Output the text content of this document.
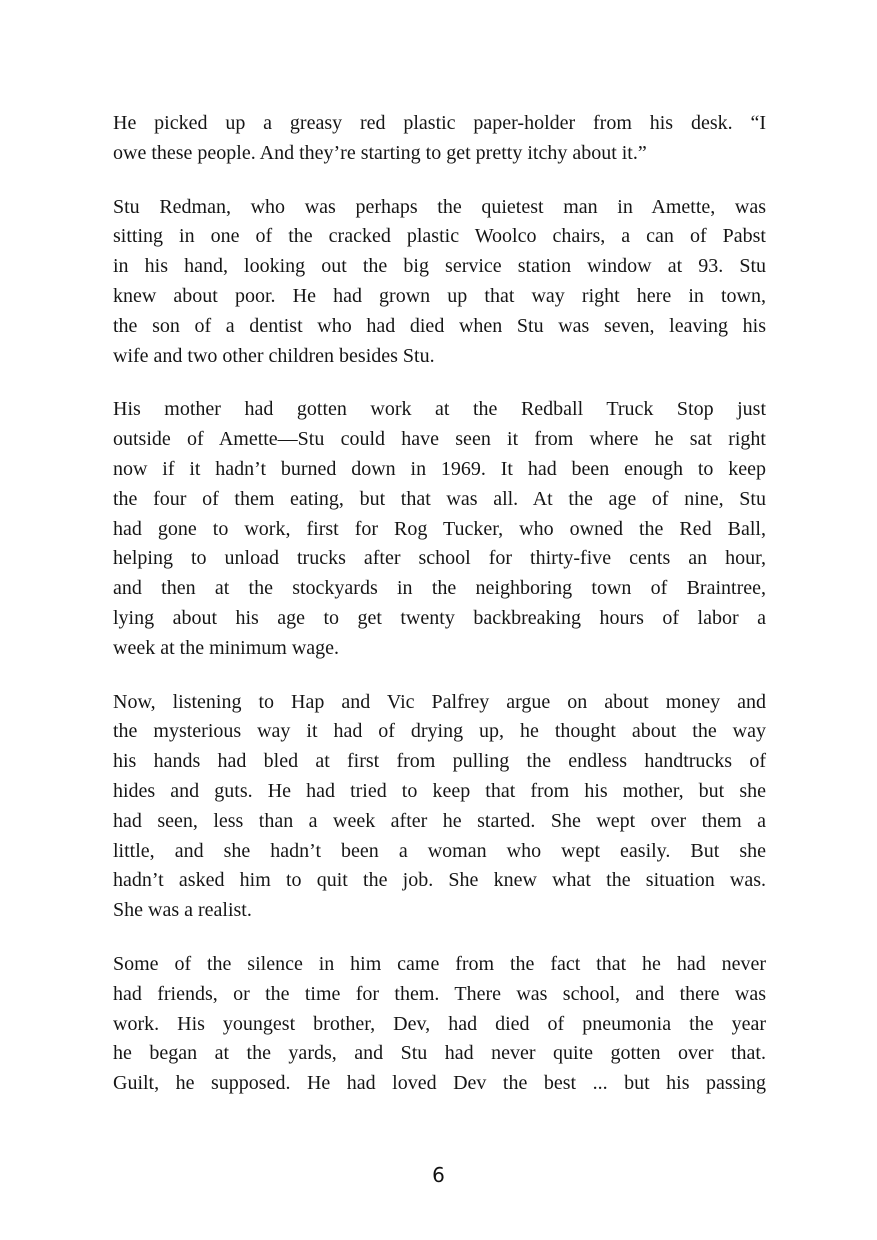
He picked up a greasy red plastic paper-holder from his desk. “I
owe these people. And they’re starting to get pretty itchy about it.”
Stu Redman, who was perhaps the quietest man in Amette, was
sitting in one of the cracked plastic Woolco chairs, a can of Pabst
in his hand, looking out the big service station window at 93. Stu
knew about poor. He had grown up that way right here in town,
the son of a dentist who had died when Stu was seven, leaving his
wife and two other children besides Stu.
His mother had gotten work at the Redball Truck Stop just
outside of Amette—Stu could have seen it from where he sat right
now if it hadn’t burned down in 1969. It had been enough to keep
the four of them eating, but that was all. At the age of nine, Stu
had gone to work, first for Rog Tucker, who owned the Red Ball,
helping to unload trucks after school for thirty-five cents an hour,
and then at the stockyards in the neighboring town of Braintree,
lying about his age to get twenty backbreaking hours of labor a
week at the minimum wage.
Now, listening to Hap and Vic Palfrey argue on about money and
the mysterious way it had of drying up, he thought about the way
his hands had bled at first from pulling the endless handtrucks of
hides and guts. He had tried to keep that from his mother, but she
had seen, less than a week after he started. She wept over them a
little, and she hadn’t been a woman who wept easily. But she
hadn’t asked him to quit the job. She knew what the situation was.
She was a realist.
Some of the silence in him came from the fact that he had never
had friends, or the time for them. There was school, and there was
work. His youngest brother, Dev, had died of pneumonia the year
he began at the yards, and Stu had never quite gotten over that.
Guilt, he supposed. He had loved Dev the best ... but his passing
6
